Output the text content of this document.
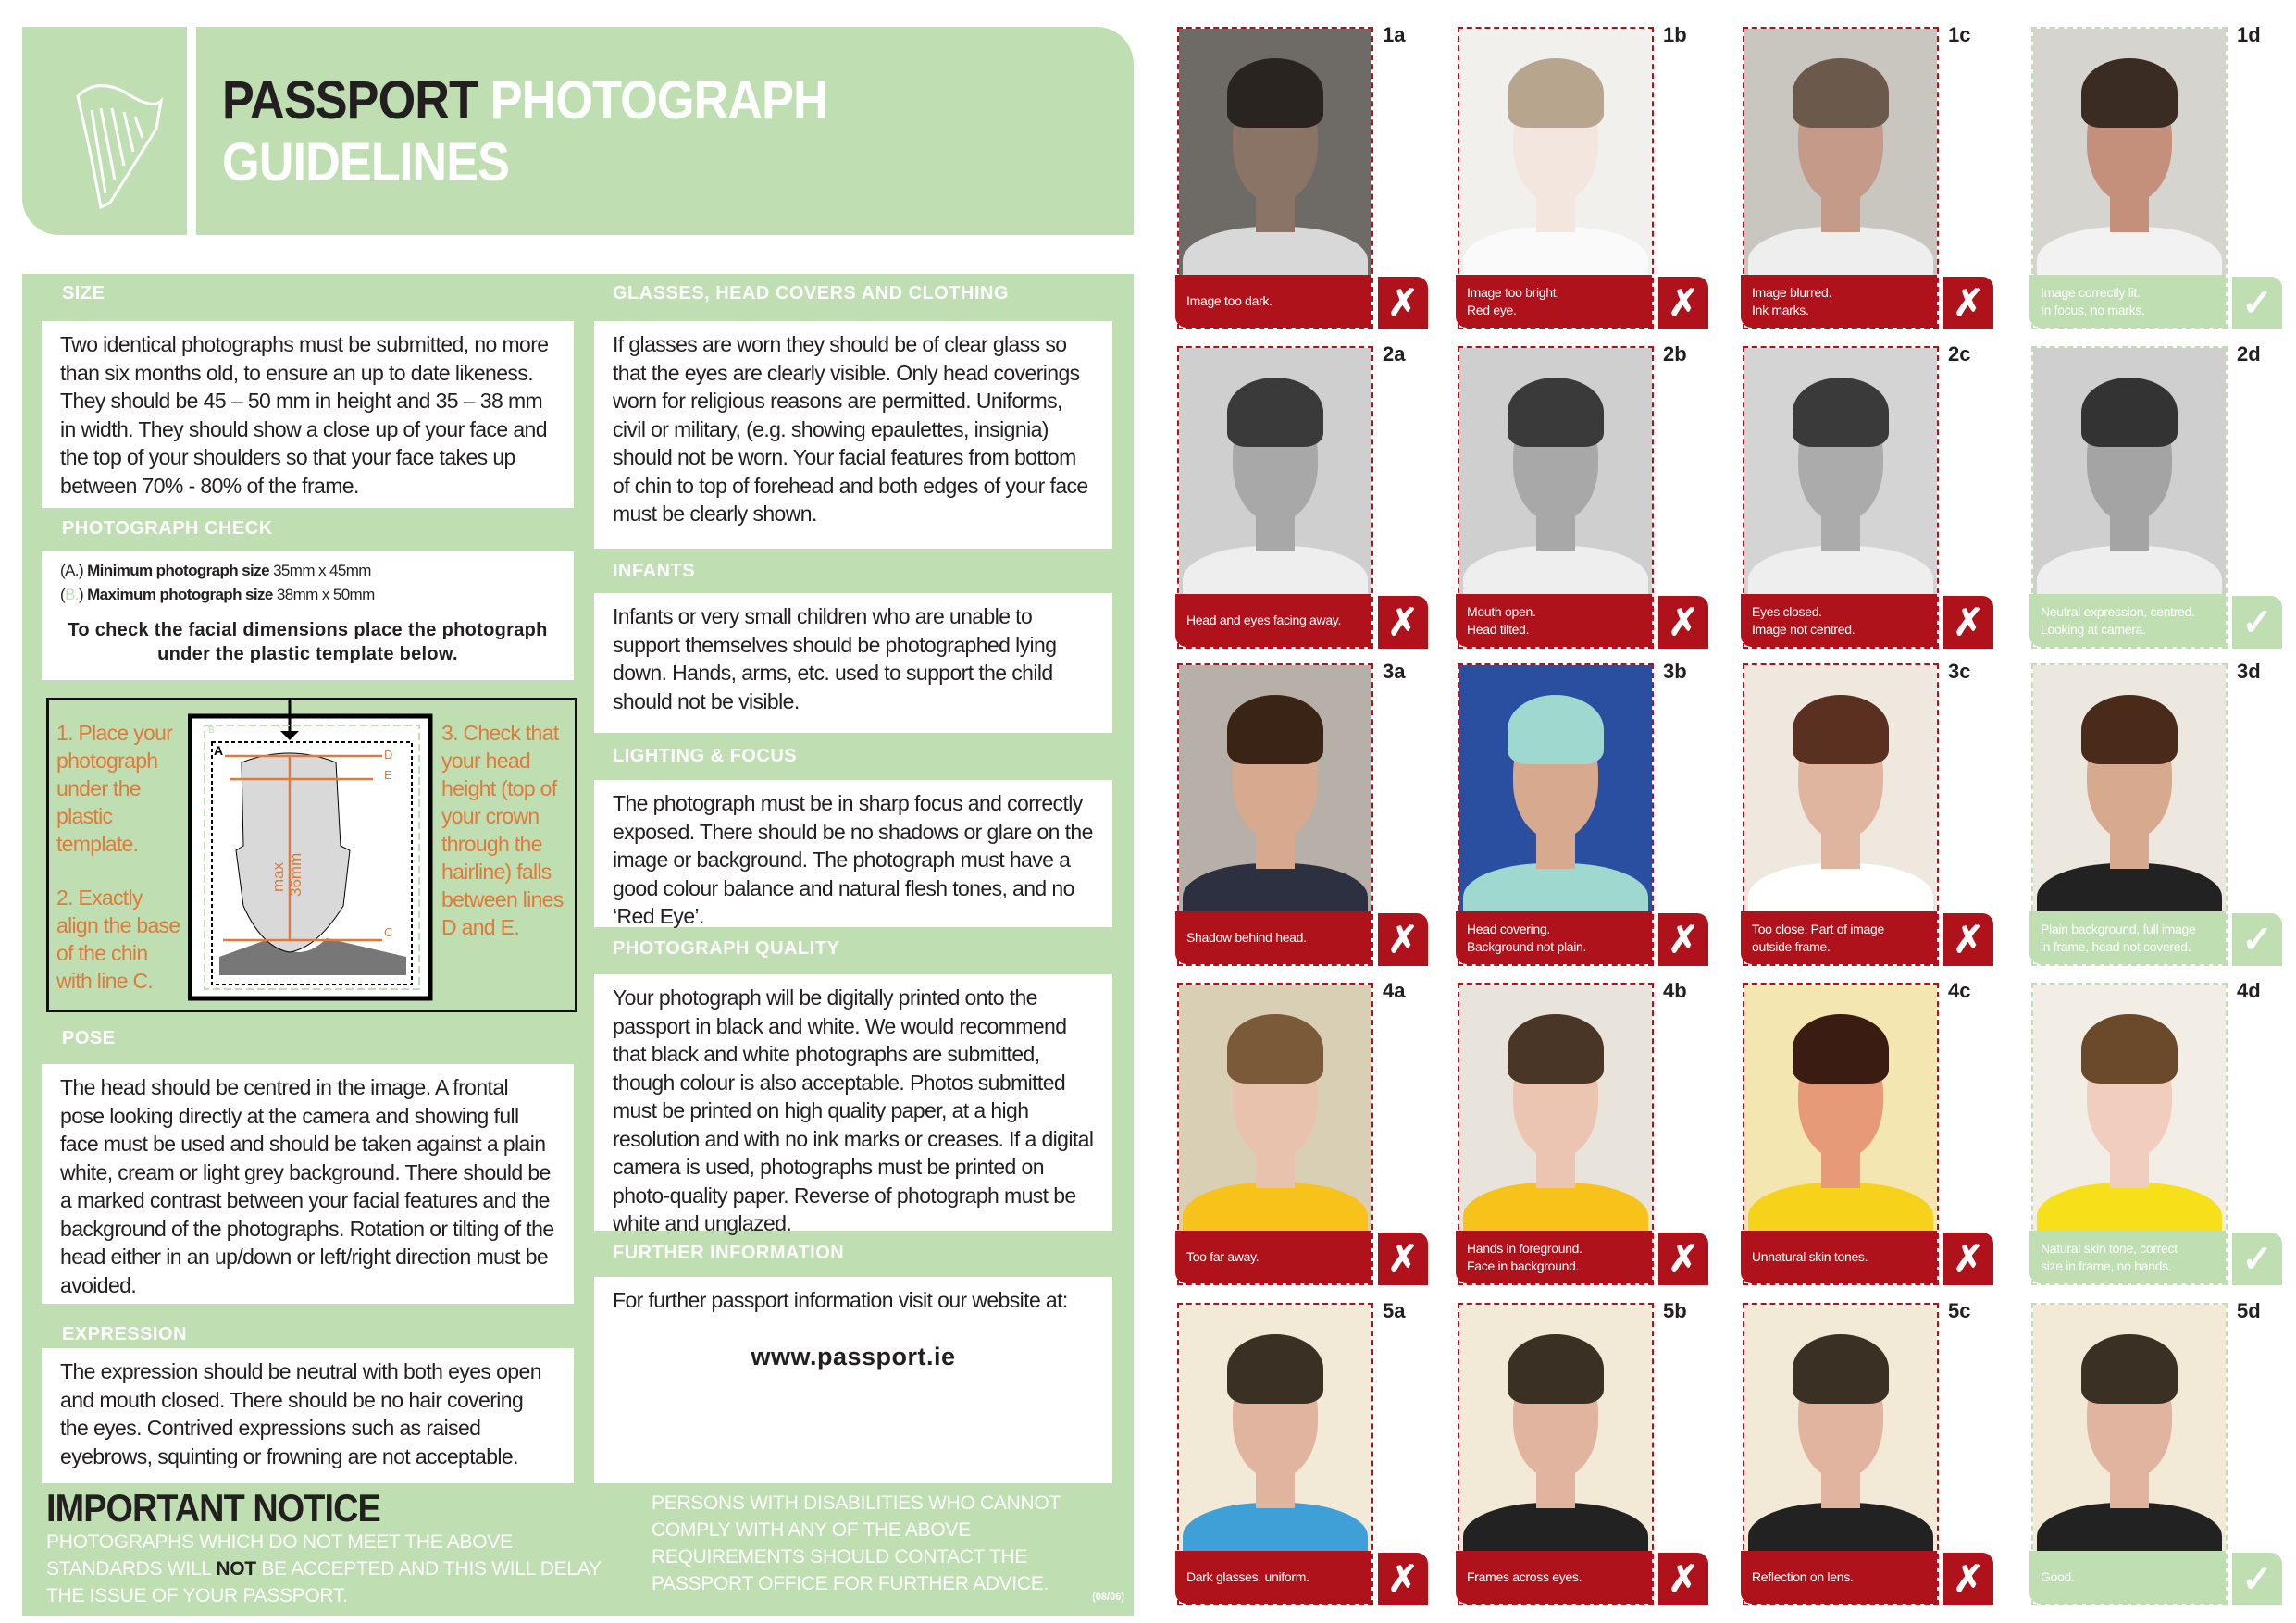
PASSPORT PHOTOGRAPH GUIDELINES
SIZE
Two identical photographs must be submitted, no more than six months old, to ensure an up to date likeness. They should be 45 – 50 mm in height and 35 – 38 mm in width. They should show a close up of your face and the top of your shoulders so that your face takes up between 70% - 80% of the frame.
PHOTOGRAPH CHECK
(A.) Minimum photograph size 35mm x 45mm
(B.) Maximum photograph size 38mm x 50mm
To check the facial dimensions place the photograph under the plastic template below.
1. Place your photograph under the plastic template.
2. Exactly align the base of the chin with line C.
3. Check that your head height (top of your crown through the hairline) falls between lines D and E.
A
B
D
E
C
max 36mm
POSE
The head should be centred in the image. A frontal pose looking directly at the camera and showing full face must be used and should be taken against a plain white, cream or light grey background. There should be a marked contrast between your facial features and the background of the photographs. Rotation or tilting of the head either in an up/down or left/right direction must be avoided.
EXPRESSION
The expression should be neutral with both eyes open and mouth closed. There should be no hair covering the eyes. Contrived expressions such as raised eyebrows, squinting or frowning are not acceptable.
IMPORTANT NOTICE
PHOTOGRAPHS WHICH DO NOT MEET THE ABOVE STANDARDS WILL NOT BE ACCEPTED AND THIS WILL DELAY THE ISSUE OF YOUR PASSPORT.
GLASSES, HEAD COVERS AND CLOTHING
If glasses are worn they should be of clear glass so that the eyes are clearly visible. Only head coverings worn for religious reasons are permitted. Uniforms, civil or military, (e.g. showing epaulettes, insignia) should not be worn. Your facial features from bottom of chin to top of forehead and both edges of your face must be clearly shown.
INFANTS
Infants or very small children who are unable to support themselves should be photographed lying down. Hands, arms, etc. used to support the child should not be visible.
LIGHTING & FOCUS
The photograph must be in sharp focus and correctly exposed. There should be no shadows or glare on the image or background. The photograph must have a good colour balance and natural flesh tones, and no ‘Red Eye’.
PHOTOGRAPH QUALITY
Your photograph will be digitally printed onto the passport in black and white. We would recommend that black and white photographs are submitted, though colour is also acceptable. Photos submitted must be printed on high quality paper, at a high resolution and with no ink marks or creases. If a digital camera is used, photographs must be printed on photo-quality paper. Reverse of photograph must be white and unglazed.
FURTHER INFORMATION
For further passport information visit our website at:
www.passport.ie
PERSONS WITH DISABILITIES WHO CANNOT COMPLY WITH ANY OF THE ABOVE REQUIREMENTS SHOULD CONTACT THE PASSPORT OFFICE FOR FURTHER ADVICE.
(08/06)
Image too dark.	✗
1a
Image too bright.
Red eye.	✗
1b
Image blurred.
Ink marks.	✗
1c
Image correctly lit.
In focus, no marks.	✓
1d
Head and eyes facing away.	✗
2a
Mouth open.
Head tilted.	✗
2b
Eyes closed.
Image not centred.	✗
2c
Neutral expression, centred.
Looking at camera.	✓
2d
Shadow behind head.	✗
3a
Head covering.
Background not plain.	✗
3b
Too close. Part of image
outside frame.	✗
3c
Plain background, full image
in frame, head not covered.	✓
3d
Too far away.	✗
4a
Hands in foreground.
Face in background.	✗
4b
Unnatural skin tones.	✗
4c
Natural skin tone, correct
size in frame, no hands.	✓
4d
Dark glasses, uniform.	✗
5a
Frames across eyes.	✗
5b
Reflection on lens.	✗
5c
Good.	✓
5d
